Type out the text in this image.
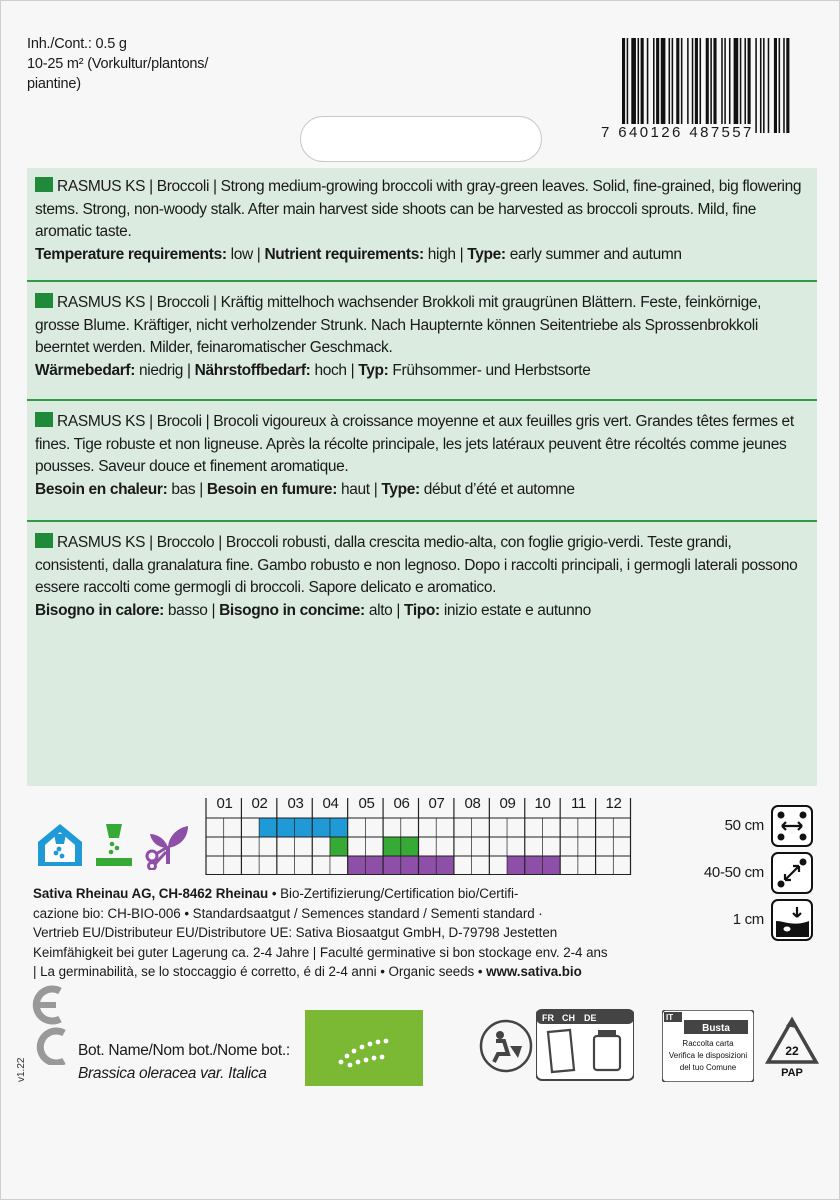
Inh./Cont.: 0.5 g
10-25 m² (Vorkultur/plantons/
piantine)
7 640126 487557
RASMUS KS | Broccoli | Strong medium-growing broccoli with gray-green leaves. Solid, fine-grained, big flowering stems. Strong, non-woody stalk. After main harvest side shoots can be harvested as broccoli sprouts. Mild, fine aromatic taste.
Temperature requirements: low | Nutrient requirements: high | Type: early summer and autumn
RASMUS KS | Broccoli | Kräftig mittelhoch wachsender Brokkoli mit graugrünen Blättern. Feste, feinkörnige, grosse Blume. Kräftiger, nicht verholzender Strunk. Nach Haupternte können Seitentriebe als Sprossenbrokkoli beerntet werden. Milder, feinaromatischer Geschmack.
Wärmebedarf: niedrig | Nährstoffbedarf: hoch | Typ: Frühsommer- und Herbstsorte
RASMUS KS | Brocoli | Brocoli vigoureux à croissance moyenne et aux feuilles gris vert. Grandes têtes fermes et fines. Tige robuste et non ligneuse. Après la récolte principale, les jets latéraux peuvent être récoltés comme jeunes pousses. Saveur douce et finement aromatique.
Besoin en chaleur: bas | Besoin en fumure: haut | Type: début d’été et automne
RASMUS KS | Broccolo | Broccoli robusti, dalla crescita medio-alta, con foglie grigio-verdi. Teste grandi, consistenti, dalla granalatura fine. Gambo robusto e non legnoso. Dopo i raccolti principali, i germogli laterali possono essere raccolti come germogli di broccoli. Sapore delicato e aromatico.
Bisogno in calore: basso | Bisogno in concime: alto | Tipo: inizio estate e autunno
01	02	03	04	05	06	07	08	09	10	11	12
50 cm
40-50 cm
1 cm
Sativa Rheinau AG, CH-8462 Rheinau • Bio-Zertifizierung/Certification bio/Certifi-
cazione bio: CH-BIO-006 • Standardsaatgut / Semences standard / Sementi standard ·
Vertrieb EU/Distributeur EU/Distributore UE: Sativa Biosaatgut GmbH, D-79798 Jestetten
Keimfähigkeit bei guter Lagerung ca. 2-4 Jahre | Faculté germinative si bon stockage env. 2-4 ans
| La germinabilità, se lo stoccaggio é corretto, é di 2-4 anni • Organic seeds • www.sativa.bio
v1.22
Bot. Name/Nom bot./Nome bot.:
Brassica oleracea var. Italica
FR CH DE	IT
Busta
Raccolta carta
Verifica le disposizioni
del tuo Comune
22
PAP
